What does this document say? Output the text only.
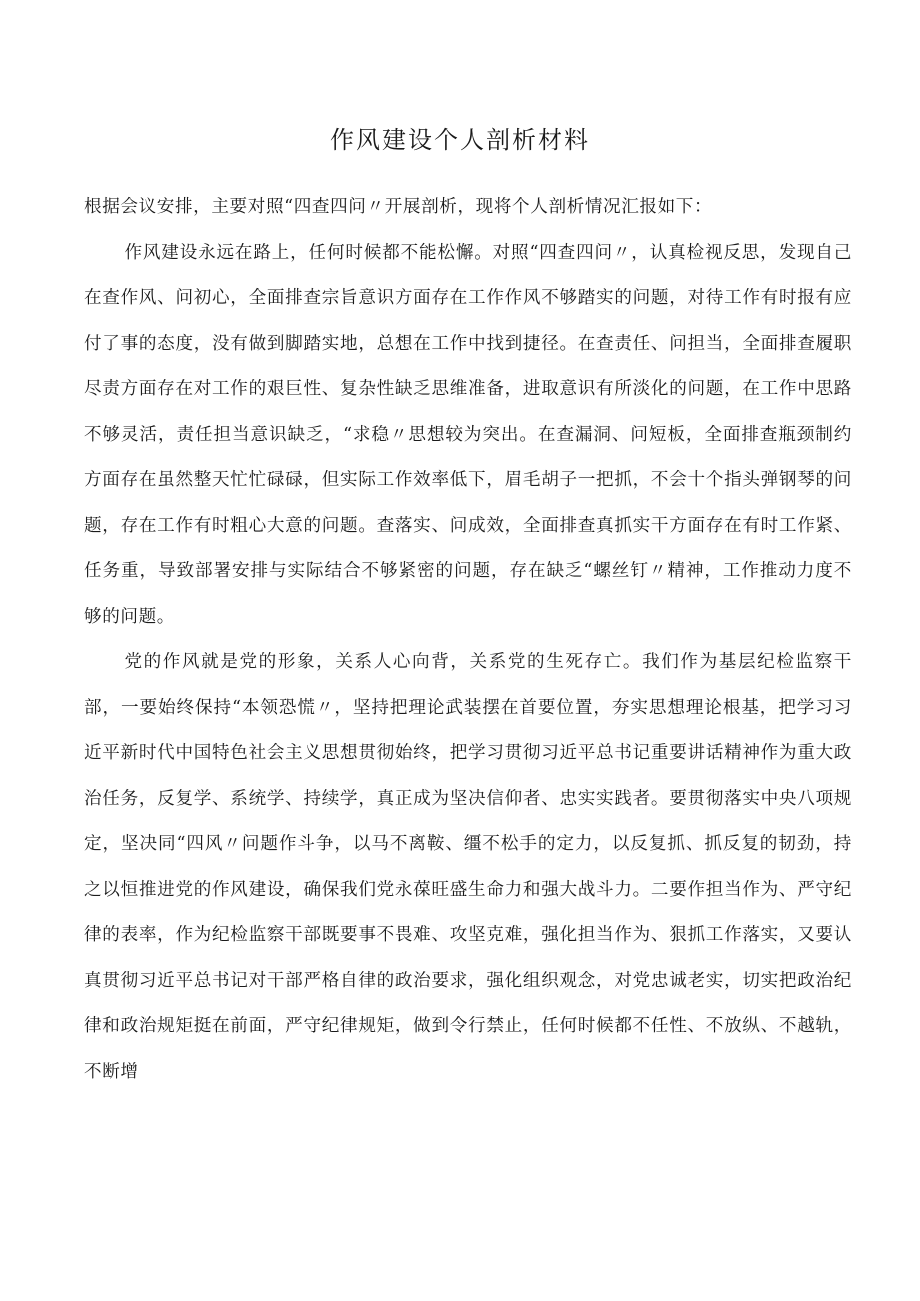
作风建设个人剖析材料

根据会议安排，主要对照“四查四问〃开展剖析，现将个人剖析情况汇报如下：

作风建设永远在路上，任何时候都不能松懈。对照“四查四问〃，认真检视反思，发现自己在查作风、问初心，全面排查宗旨意识方面存在工作作风不够踏实的问题，对待工作有时报有应付了事的态度，没有做到脚踏实地，总想在工作中找到捷径。在查责任、问担当，全面排查履职尽责方面存在对工作的艰巨性、复杂性缺乏思维准备，进取意识有所淡化的问题，在工作中思路不够灵活，责任担当意识缺乏，“求稳〃思想较为突出。在查漏洞、问短板，全面排查瓶颈制约方面存在虽然整天忙忙碌碌，但实际工作效率低下，眉毛胡子一把抓，不会十个指头弹钢琴的问题，存在工作有时粗心大意的问题。查落实、问成效，全面排查真抓实干方面存在有时工作紧、任务重，导致部署安排与实际结合不够紧密的问题，存在缺乏“螺丝钉〃精神，工作推动力度不够的问题。

党的作风就是党的形象，关系人心向背，关系党的生死存亡。我们作为基层纪检监察干部，一要始终保持“本领恐慌〃，坚持把理论武装摆在首要位置，夯实思想理论根基，把学习习近平新时代中国特色社会主义思想贯彻始终，把学习贯彻习近平总书记重要讲话精神作为重大政治任务，反复学、系统学、持续学，真正成为坚决信仰者、忠实实践者。要贯彻落实中央八项规定，坚决同“四风〃问题作斗争，以马不离鞍、缰不松手的定力，以反复抓、抓反复的韧劲，持之以恒推进党的作风建设，确保我们党永葆旺盛生命力和强大战斗力。二要作担当作为、严守纪律的表率，作为纪检监察干部既要事不畏难、攻坚克难，强化担当作为、狠抓工作落实，又要认真贯彻习近平总书记对干部严格自律的政治要求，强化组织观念，对党忠诚老实，切实把政治纪律和政治规矩挺在前面，严守纪律规矩，做到令行禁止，任何时候都不任性、不放纵、不越轨，不断增
